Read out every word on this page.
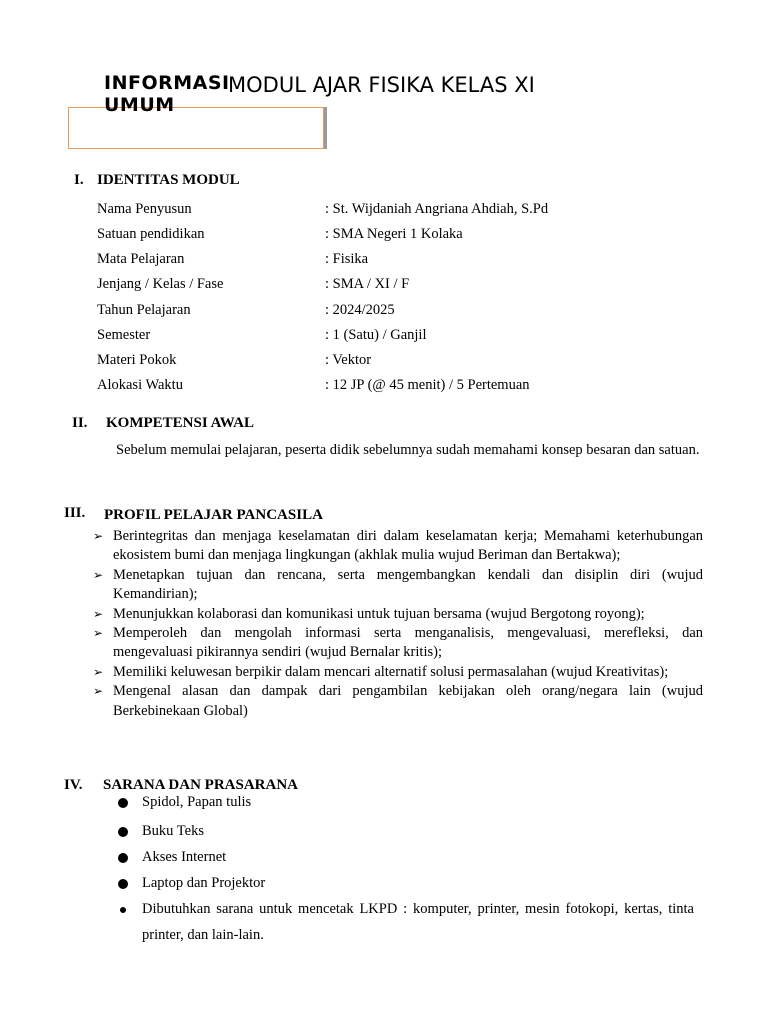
INFORMASI UMUM
MODUL AJAR FISIKA KELAS XI
I. IDENTITAS MODUL
Nama Penyusun	: St. Wijdaniah Angriana Ahdiah, S.Pd
Satuan pendidikan	: SMA Negeri 1 Kolaka
Mata Pelajaran	: Fisika
Jenjang / Kelas / Fase	: SMA / XI / F
Tahun Pelajaran	: 2024/2025
Semester	: 1 (Satu) / Ganjil
Materi Pokok	: Vektor
Alokasi Waktu	: 12 JP (@ 45 menit) / 5 Pertemuan
II. KOMPETENSI AWAL
Sebelum memulai pelajaran, peserta didik sebelumnya sudah memahami konsep besaran dan satuan.
III. PROFIL PELAJAR PANCASILA
➢ Berintegritas dan menjaga keselamatan diri dalam keselamatan kerja; Memahami keterhubungan ekosistem bumi dan menjaga lingkungan (akhlak mulia wujud Beriman dan Bertakwa);
➢ Menetapkan tujuan dan rencana, serta mengembangkan kendali dan disiplin diri (wujud Kemandirian);
➢ Menunjukkan kolaborasi dan komunikasi untuk tujuan bersama (wujud Bergotong royong);
➢ Memperoleh dan mengolah informasi serta menganalisis, mengevaluasi, merefleksi, dan mengevaluasi pikirannya sendiri (wujud Bernalar kritis);
➢ Memiliki keluwesan berpikir dalam mencari alternatif solusi permasalahan (wujud Kreativitas);
➢ Mengenal alasan dan dampak dari pengambilan kebijakan oleh orang/negara lain (wujud Berkebinekaan Global)
IV. SARANA DAN PRASARANA
Spidol, Papan tulis
Buku Teks
Akses Internet
Laptop dan Projektor
Dibutuhkan sarana untuk mencetak LKPD : komputer, printer, mesin fotokopi, kertas, tinta printer, dan lain-lain.
